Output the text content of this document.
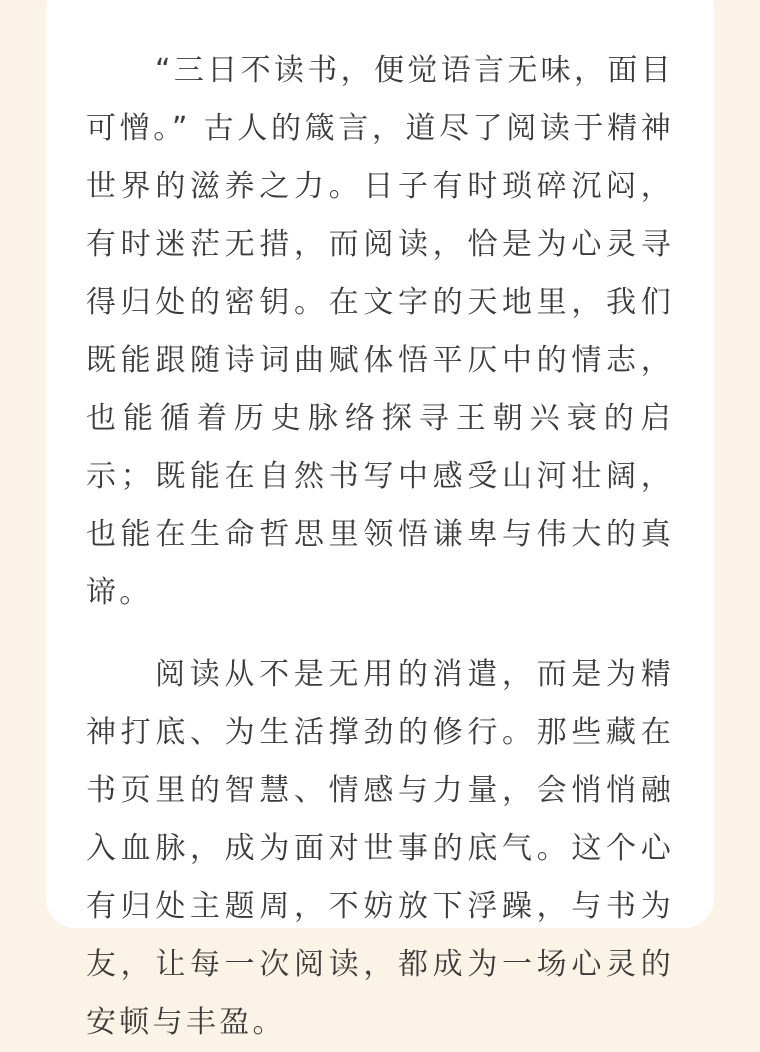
“三日不读书，便觉语言无味，面目可憎。” 古人的箴言，道尽了阅读于精神世界的滋养之力。日子有时琐碎沉闷，有时迷茫无措，而阅读，恰是为心灵寻得归处的密钥。在文字的天地里，我们既能跟随诗词曲赋体悟平仄中的情志，也能循着历史脉络探寻王朝兴衰的启示；既能在自然书写中感受山河壮阔，也能在生命哲思里领悟谦卑与伟大的真谛。

阅读从不是无用的消遣，而是为精神打底、为生活撑劲的修行。那些藏在书页里的智慧、情感与力量，会悄悄融入血脉，成为面对世事的底气。这个心有归处主题周，不妨放下浮躁，与书为友，让每一次阅读，都成为一场心灵的安顿与丰盈。
